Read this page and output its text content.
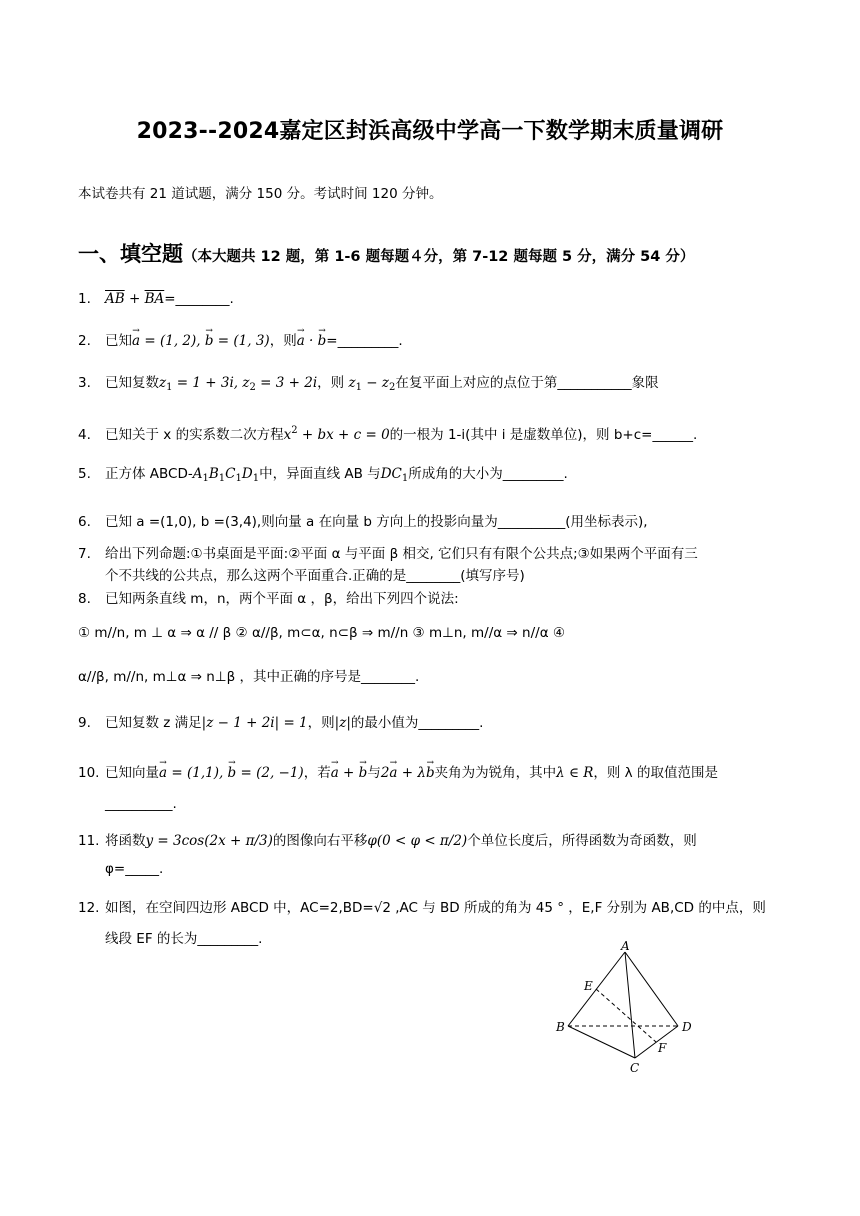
2023--2024嘉定区封浜高级中学高一下数学期末质量调研
本试卷共有 21 道试题，满分 150 分。考试时间 120 分钟。
一、填空题（本大题共 12 题，第 1-6 题每题４分，第 7-12 题每题 5 分，满分 54 分）
1. $\overline{AB}$ + $\overline{BA}=\_\_\_\_\_\_\_\_$.
2. 已知→ a = (1, 2), → b = (1, 3)，则→ a · → b=_________.
3. 已知复数$z_1 = 1 + 3i$, $z_2 = 3 + 2i$，则 $z_1 - z_2$在复平面上对应的点位于第___________象限
4. 已知关于 x 的实系数二次方程$x^2$ + bx + c = 0的一根为 1-i(其中 i 是虚数单位)，则 b+c=______.
5. 正方体 ABCD-$A_1B_1C_1D_1$中，异面直线 AB 与$DC_1$所成角的大小为_________.
6. 已知 a =(1,0), b =(3,4),则向量 a 在向量 b 方向上的投影向量为__________(用坐标表示),
7. 给出下列命题:①书桌面是平面:②平面 α 与平面 β 相交, 它们只有有限个公共点;③如果两个平面有三
个不共线的公共点，那么这两个平面重合.正确的是________(填写序号)
8. 已知两条直线 m，n，两个平面 α ，β，给出下列四个说法:
① m//n, m ⊥ α ⇒ α // β ② α//β, m⊂α, n⊂β ⇒ m//n ③ m⊥n, m//α ⇒ n//α ④
α//β, m//n, m⊥α ⇒ n⊥β ，其中正确的序号是________.
9. 已知复数 z 满足|z − 1 + 2i| = 1，则|z|的最小值为_________.
10. 已知向量→ a = (1,1), → b = (2, −1)，若→ a + → b与2→ a + λ→ b夹角为为锐角，其中λ ∈ R，则 λ 的取值范围是
__________.
11. 将函数y = 3cos(2x + π/3)的图像向右平移φ(0 < φ < π/2)个单位长度后，所得函数为奇函数，则
φ=_____.
12. 如图，在空间四边形 ABCD 中，AC=2,BD=√2 ,AC 与 BD 所成的角为 45 ° ，E,F 分别为 AB,CD 的中点，则
线段 EF 的长为_________.	A
B
C
D
E
F
